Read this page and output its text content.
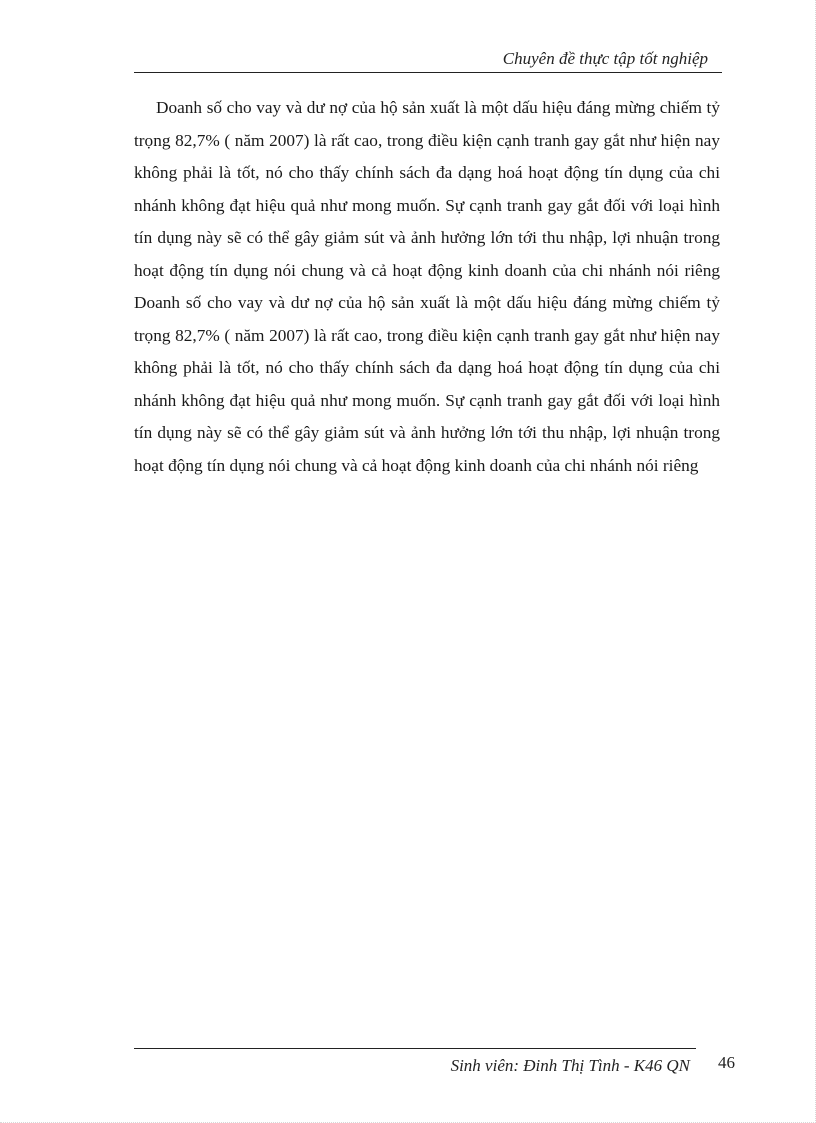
Chuyên đề thực tập tốt nghiệp

Doanh số cho vay và dư nợ của hộ sản xuất là một dấu hiệu đáng mừng chiếm tỷ trọng 82,7% ( năm 2007) là rất cao, trong điều kiện cạnh tranh gay gắt như hiện nay không phải là tốt, nó cho thấy chính sách đa dạng hoá hoạt động tín dụng của chi nhánh không đạt hiệu quả như mong muốn. Sự cạnh tranh gay gắt đối với loại hình tín dụng này sẽ có thể gây giảm sút và ảnh hưởng lớn tới thu nhập, lợi nhuận trong hoạt động tín dụng nói chung và cả hoạt động kinh doanh của chi nhánh nói riêng Doanh số cho vay và dư nợ của hộ sản xuất là một dấu hiệu đáng mừng chiếm tỷ trọng 82,7% ( năm 2007) là rất cao, trong điều kiện cạnh tranh gay gắt như hiện nay không phải là tốt, nó cho thấy chính sách đa dạng hoá hoạt động tín dụng của chi nhánh không đạt hiệu quả như mong muốn. Sự cạnh tranh gay gắt đối với loại hình tín dụng này sẽ có thể gây giảm sút và ảnh hưởng lớn tới thu nhập, lợi nhuận trong hoạt động tín dụng nói chung và cả hoạt động kinh doanh của chi nhánh nói riêng

Sinh viên: Đinh Thị Tình - K46 QN 46
